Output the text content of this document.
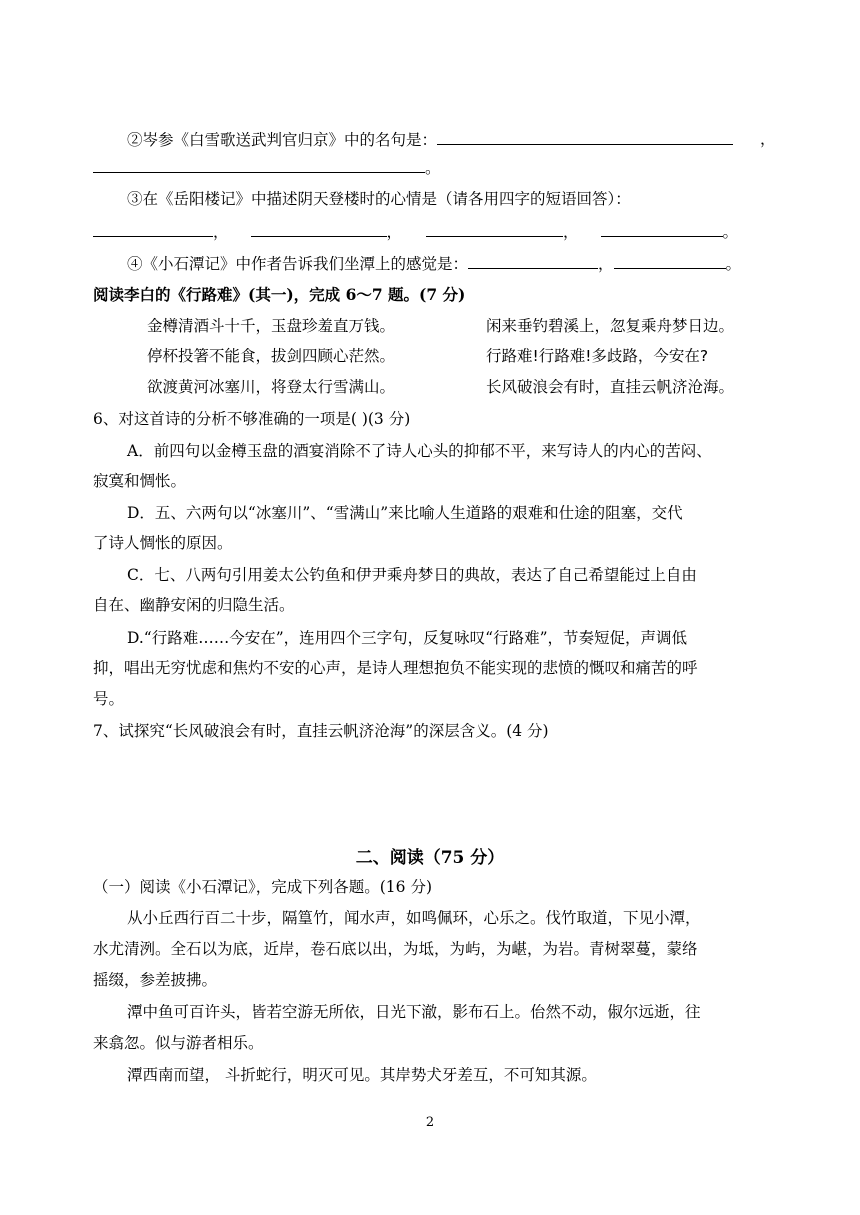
②岑参《白雪歌送武判官归京》中的名句是：	，
。
③在《岳阳楼记》中描述阴天登楼时的心情是（请各用四字的短语回答）：
，	，	，	。
④《小石潭记》中作者告诉我们坐潭上的感觉是：	，	。
阅读李白的《行路难》(其一)，完成 6～7 题。(7 分)
金樽清酒斗十千，玉盘珍羞直万钱。	闲来垂钓碧溪上，忽复乘舟梦日边。
停杯投箸不能食，拔剑四顾心茫然。	行路难!行路难!多歧路，今安在?
欲渡黄河冰塞川，将登太行雪满山。	长风破浪会有时，直挂云帆济沧海。
6、对这首诗的分析不够准确的一项是( )(3 分)
A．前四句以金樽玉盘的酒宴消除不了诗人心头的抑郁不平，来写诗人的内心的苦闷、
寂寞和惆怅。
D．五、六两句以“冰塞川”、“雪满山”来比喻人生道路的艰难和仕途的阻塞，交代
了诗人惆怅的原因。
C．七、八两句引用姜太公钓鱼和伊尹乘舟梦日的典故，表达了自己希望能过上自由
自在、幽静安闲的归隐生活。
D.“行路难……今安在”，连用四个三字句，反复咏叹“行路难”，节奏短促，声调低
抑，唱出无穷忧虑和焦灼不安的心声，是诗人理想抱负不能实现的悲愤的慨叹和痛苦的呼
号。
7、试探究“长风破浪会有时，直挂云帆济沧海”的深层含义。(4 分)
二、阅读（75 分）
（一）阅读《小石潭记》，完成下列各题。(16 分)
从小丘西行百二十步，隔篁竹，闻水声，如鸣佩环，心乐之。伐竹取道，下见小潭，
水尤清洌。全石以为底，近岸，卷石底以出，为坻，为屿，为嵁，为岩。青树翠蔓，蒙络
摇缀，参差披拂。
潭中鱼可百许头，皆若空游无所依，日光下澈，影布石上。佁然不动，俶尔远逝，往
来翕忽。似与游者相乐。
潭西南而望， 斗折蛇行，明灭可见。其岸势犬牙差互，不可知其源。
2
